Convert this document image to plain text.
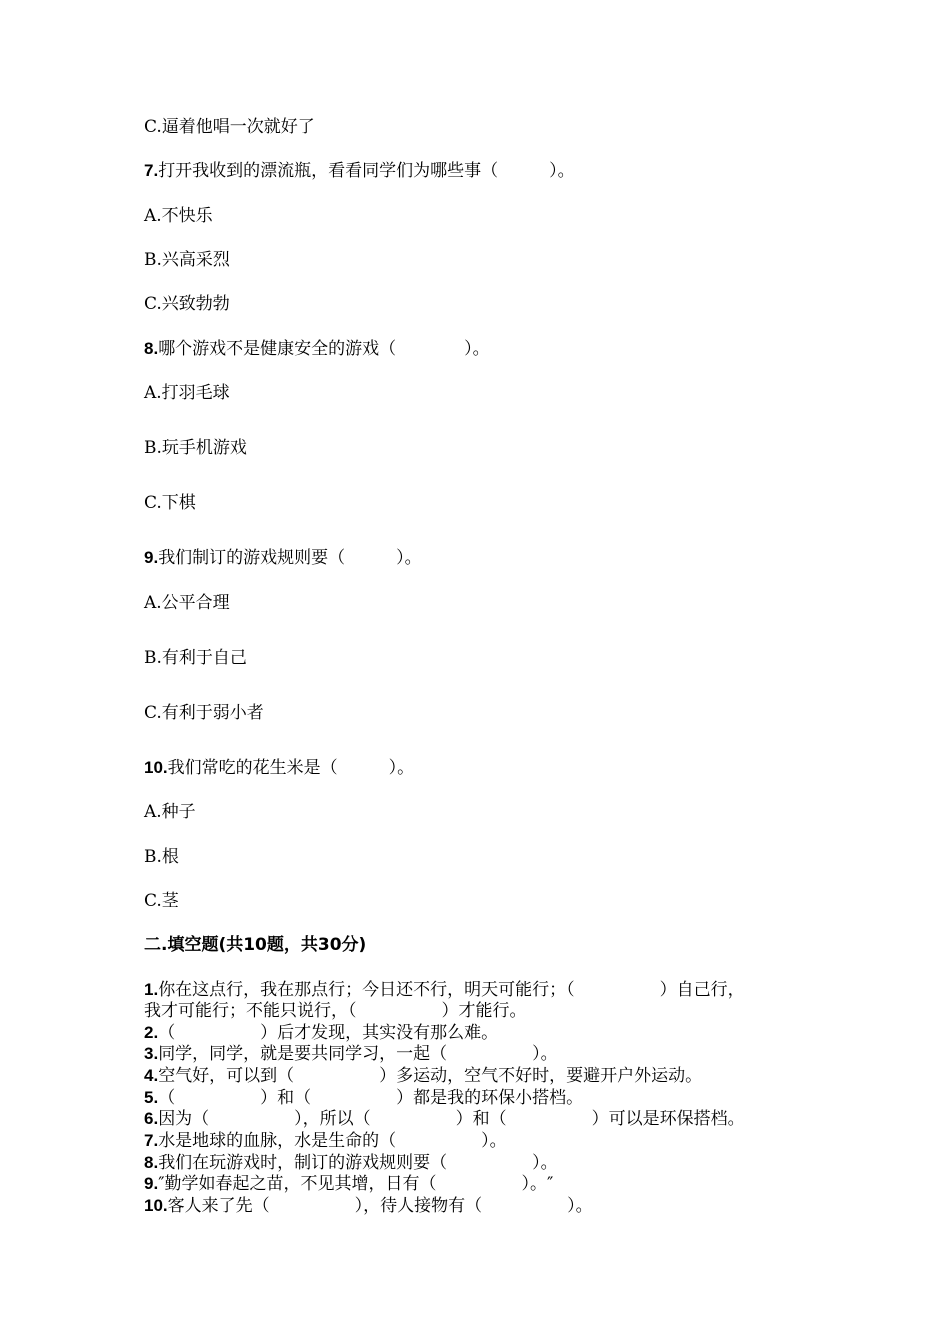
C.逼着他唱一次就好了
7.打开我收到的漂流瓶，看看同学们为哪些事（　　　）。
A.不快乐
B.兴高采烈
C.兴致勃勃
8.哪个游戏不是健康安全的游戏（　　　　）。
A.打羽毛球
B.玩手机游戏
C.下棋
9.我们制订的游戏规则要（　　　）。
A.公平合理
B.有利于自己
C.有利于弱小者
10.我们常吃的花生米是（　　　）。
A.种子
B.根
C.茎
二.填空题(共10题，共30分)
1.你在这点行，我在那点行；今日还不行，明天可能行；（　　　　　）自己行，
我才可能行；不能只说行，（　　　　　）才能行。
2.（　　　　　）后才发现，其实没有那么难。
3.同学，同学，就是要共同学习，一起（　　　　　）。
4.空气好，可以到（　　　　　）多运动，空气不好时，要避开户外运动。
5.（　　　　　）和（　　　　　）都是我的环保小搭档。
6.因为（　　　　　），所以（　　　　　）和（　　　　　）可以是环保搭档。
7.水是地球的血脉，水是生命的（　　　　　）。
8.我们在玩游戏时，制订的游戏规则要（　　　　　）。
9.″勤学如春起之苗，不见其增，日有（　　　　　）。″
10.客人来了先（　　　　　），待人接物有（　　　　　）。
